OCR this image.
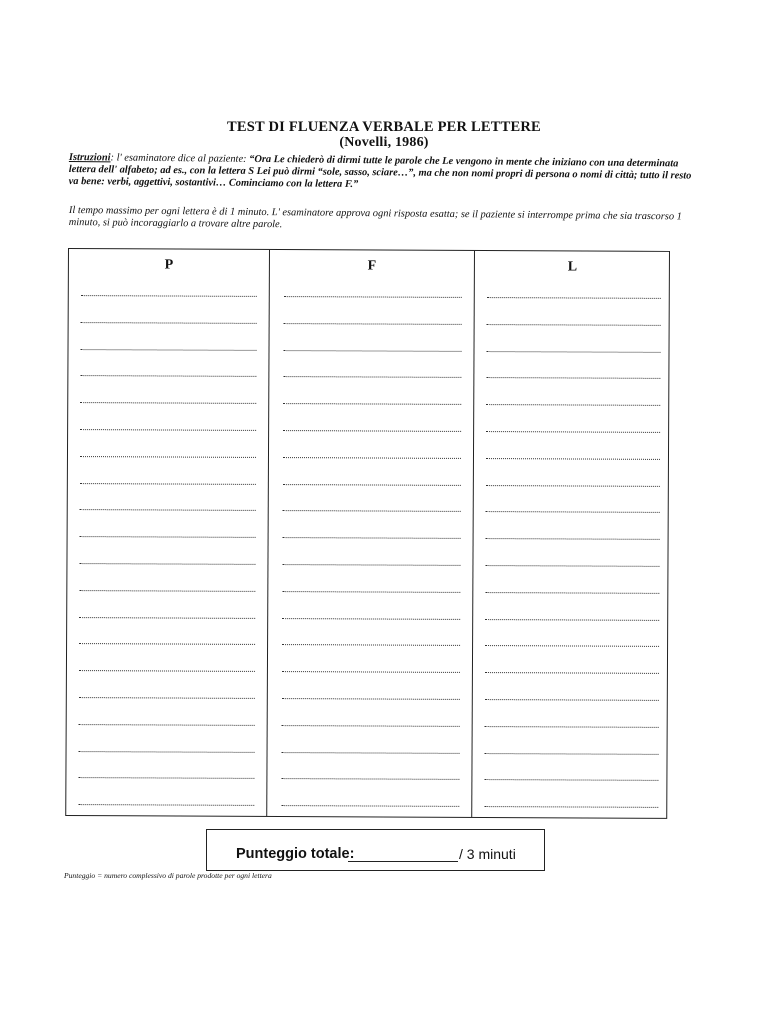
TEST DI FLUENZA VERBALE PER LETTERE
(Novelli, 1986)
Istruzioni: l' esaminatore dice al paziente: “Ora Le chiederò di dirmi tutte le parole che Le vengono in mente che iniziano con una determinata lettera dell' alfabeto; ad es., con la lettera S Lei può dirmi “sole, sasso, sciare…”, ma che non nomi propri di persona o nomi di città; tutto il resto va bene: verbi, aggettivi, sostantivi… Cominciamo con la lettera F.”
Il tempo massimo per ogni lettera è di 1 minuto. L' esaminatore approva ogni risposta esatta; se il paziente si interrompe prima che sia trascorso 1 minuto, si può incoraggiarlo a trovare altre parole.
P	F	L
Punteggio totale:	/ 3 minuti
Punteggio = numero complessivo di parole prodotte per ogni lettera
